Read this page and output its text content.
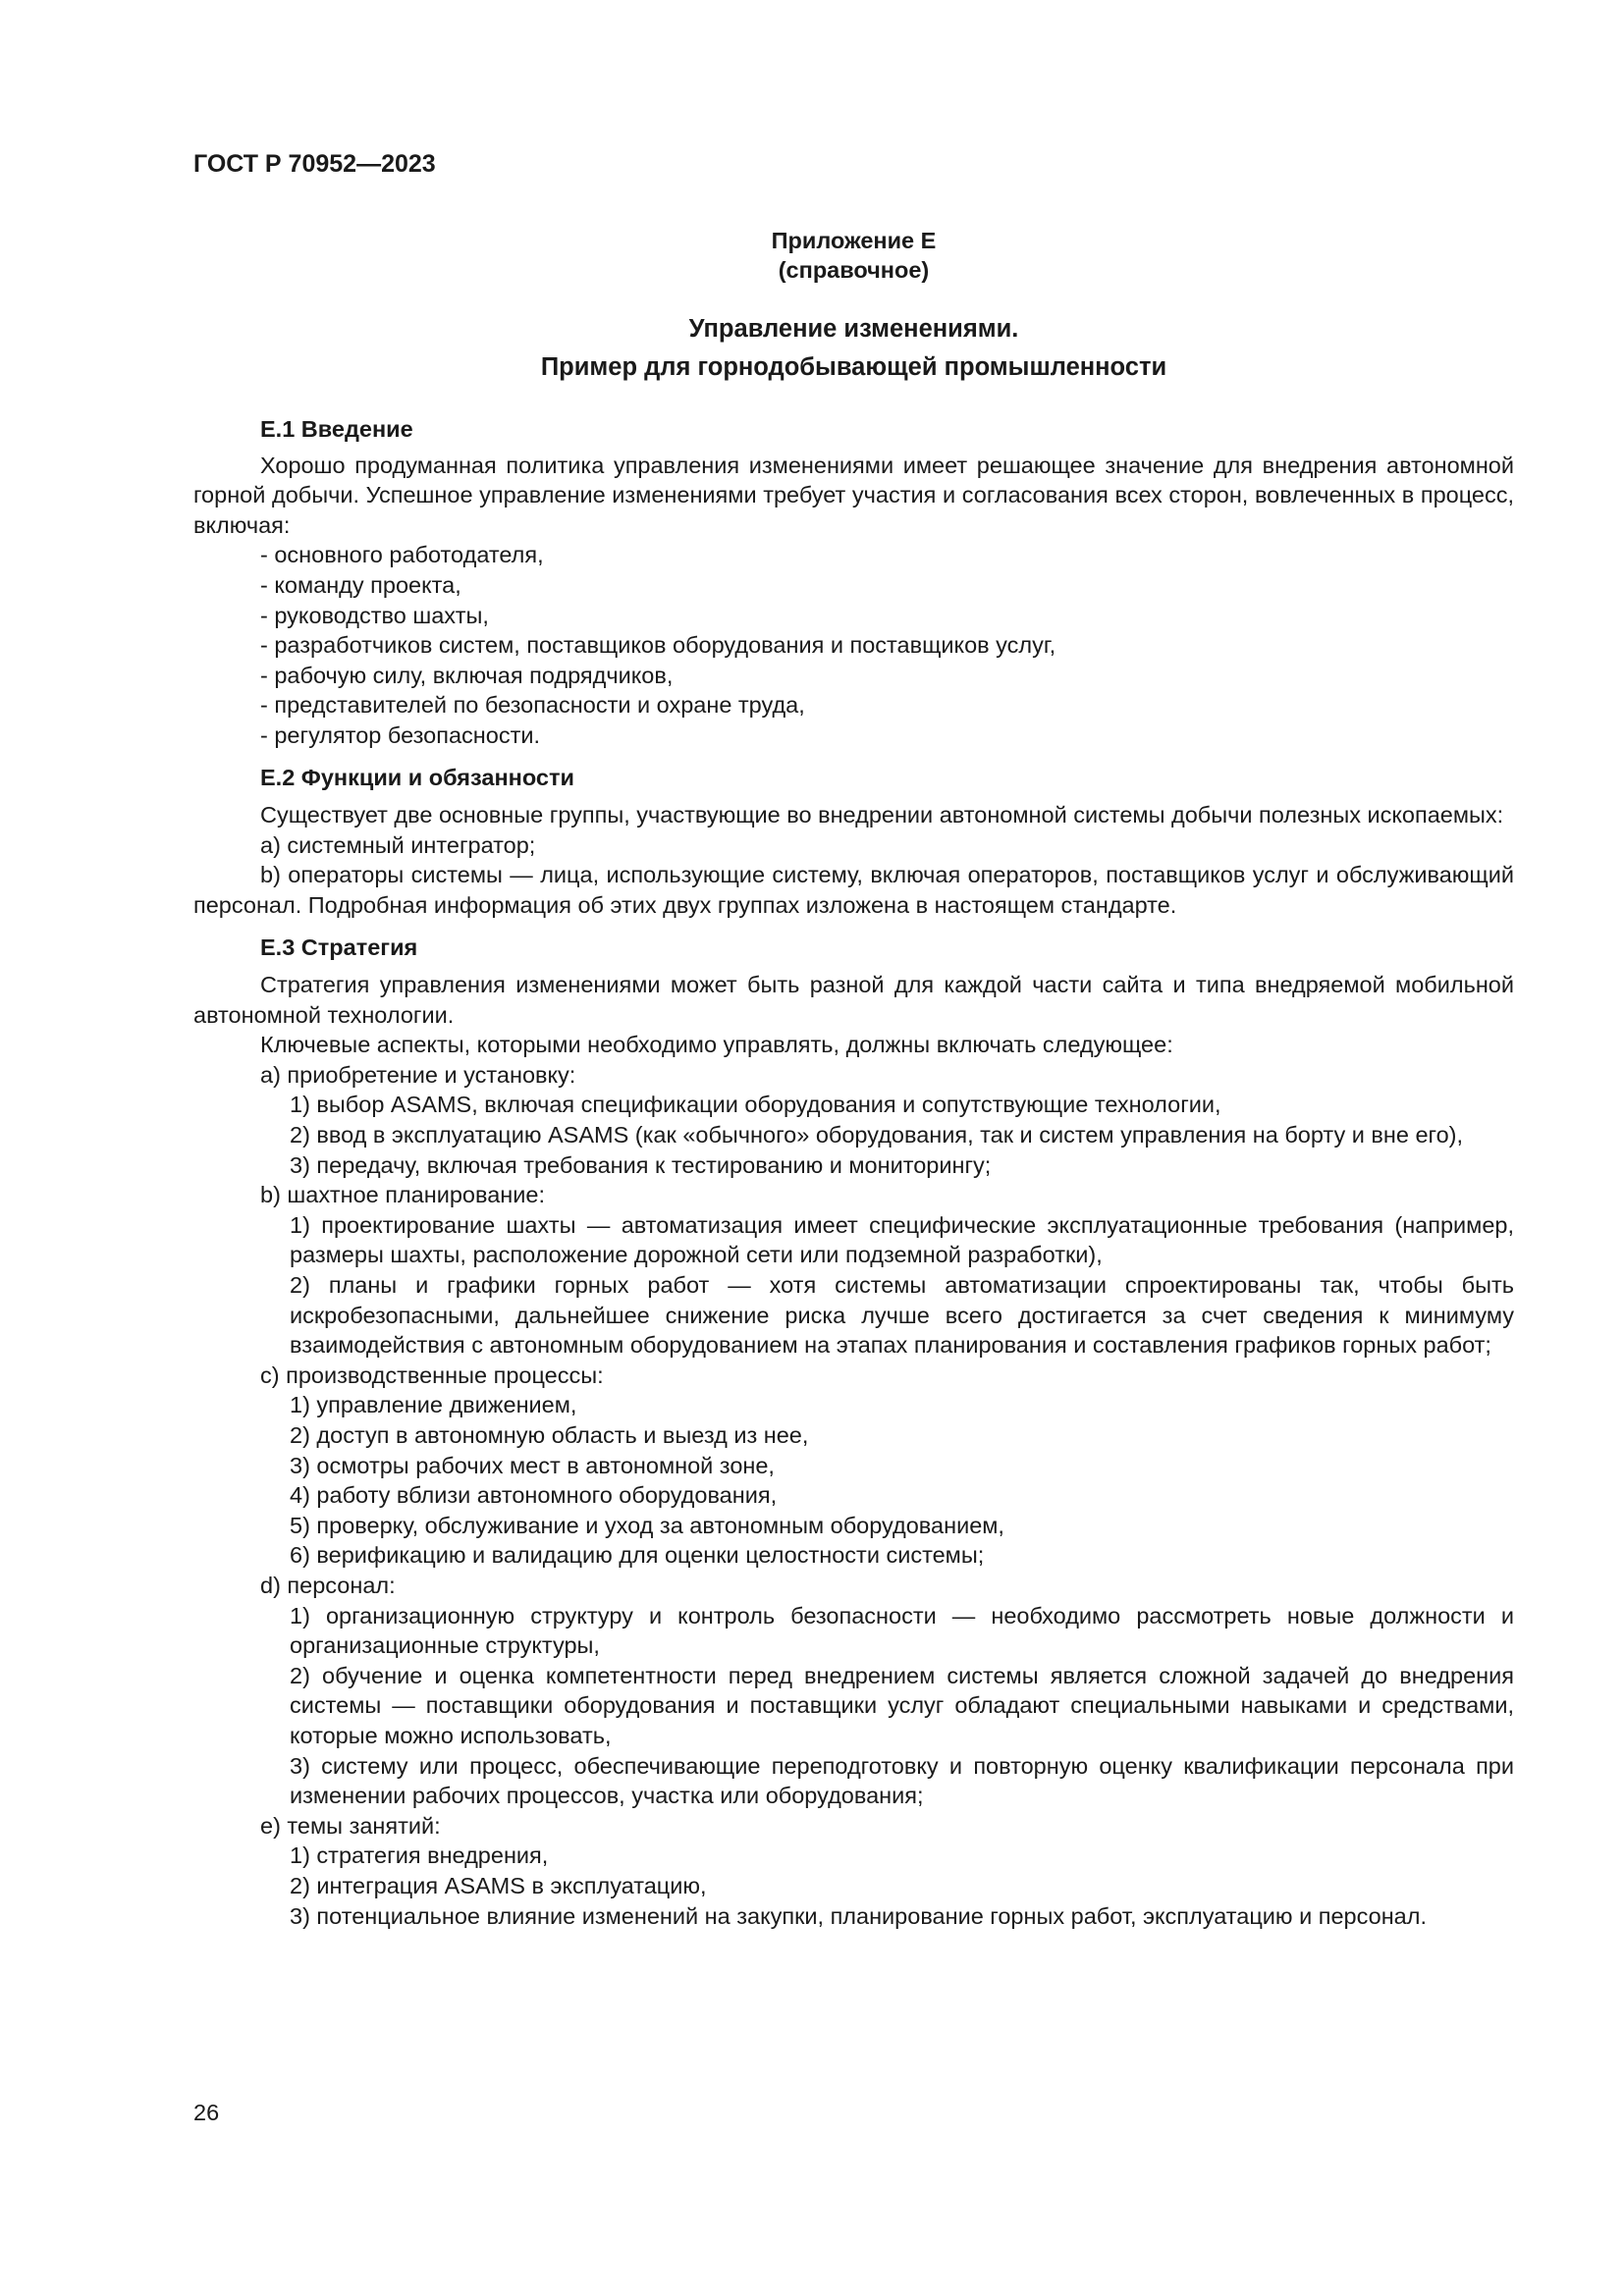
ГОСТ Р 70952—2023

Приложение Е

(справочное)

Управление изменениями.

Пример для горнодобывающей промышленности

Е.1 Введение

Хорошо продуманная политика управления изменениями имеет решающее значение для внедрения автономной горной добычи. Успешное управление изменениями требует участия и согласования всех сторон, вовлеченных в процесс, включая:

- основного работодателя,

- команду проекта,

- руководство шахты,

- разработчиков систем, поставщиков оборудования и поставщиков услуг,

- рабочую силу, включая подрядчиков,

- представителей по безопасности и охране труда,

- регулятор безопасности.

Е.2 Функции и обязанности

Существует две основные группы, участвующие во внедрении автономной системы добычи полезных ископаемых:

a) системный интегратор;

b) операторы системы — лица, использующие систему, включая операторов, поставщиков услуг и обслуживающий персонал. Подробная информация об этих двух группах изложена в настоящем стандарте.

Е.3 Стратегия

Стратегия управления изменениями может быть разной для каждой части сайта и типа внедряемой мобильной автономной технологии.

Ключевые аспекты, которыми необходимо управлять, должны включать следующее:

a) приобретение и установку:

1) выбор ASAMS, включая спецификации оборудования и сопутствующие технологии,

2) ввод в эксплуатацию ASAMS (как «обычного» оборудования, так и систем управления на борту и вне его),

3) передачу, включая требования к тестированию и мониторингу;

b) шахтное планирование:

1) проектирование шахты — автоматизация имеет специфические эксплуатационные требования (например, размеры шахты, расположение дорожной сети или подземной разработки),

2) планы и графики горных работ — хотя системы автоматизации спроектированы так, чтобы быть искробезопасными, дальнейшее снижение риска лучше всего достигается за счет сведения к минимуму взаимодействия с автономным оборудованием на этапах планирования и составления графиков горных работ;

c) производственные процессы:

1) управление движением,

2) доступ в автономную область и выезд из нее,

3) осмотры рабочих мест в автономной зоне,

4) работу вблизи автономного оборудования,

5) проверку, обслуживание и уход за автономным оборудованием,

6) верификацию и валидацию для оценки целостности системы;

d) персонал:

1) организационную структуру и контроль безопасности — необходимо рассмотреть новые должности и организационные структуры,

2) обучение и оценка компетентности перед внедрением системы является сложной задачей до внедрения системы — поставщики оборудования и поставщики услуг обладают специальными навыками и средствами, которые можно использовать,

3) систему или процесс, обеспечивающие переподготовку и повторную оценку квалификации персонала при изменении рабочих процессов, участка или оборудования;

e) темы занятий:

1) стратегия внедрения,

2) интеграция ASAMS в эксплуатацию,

3) потенциальное влияние изменений на закупки, планирование горных работ, эксплуатацию и персонал.

26
